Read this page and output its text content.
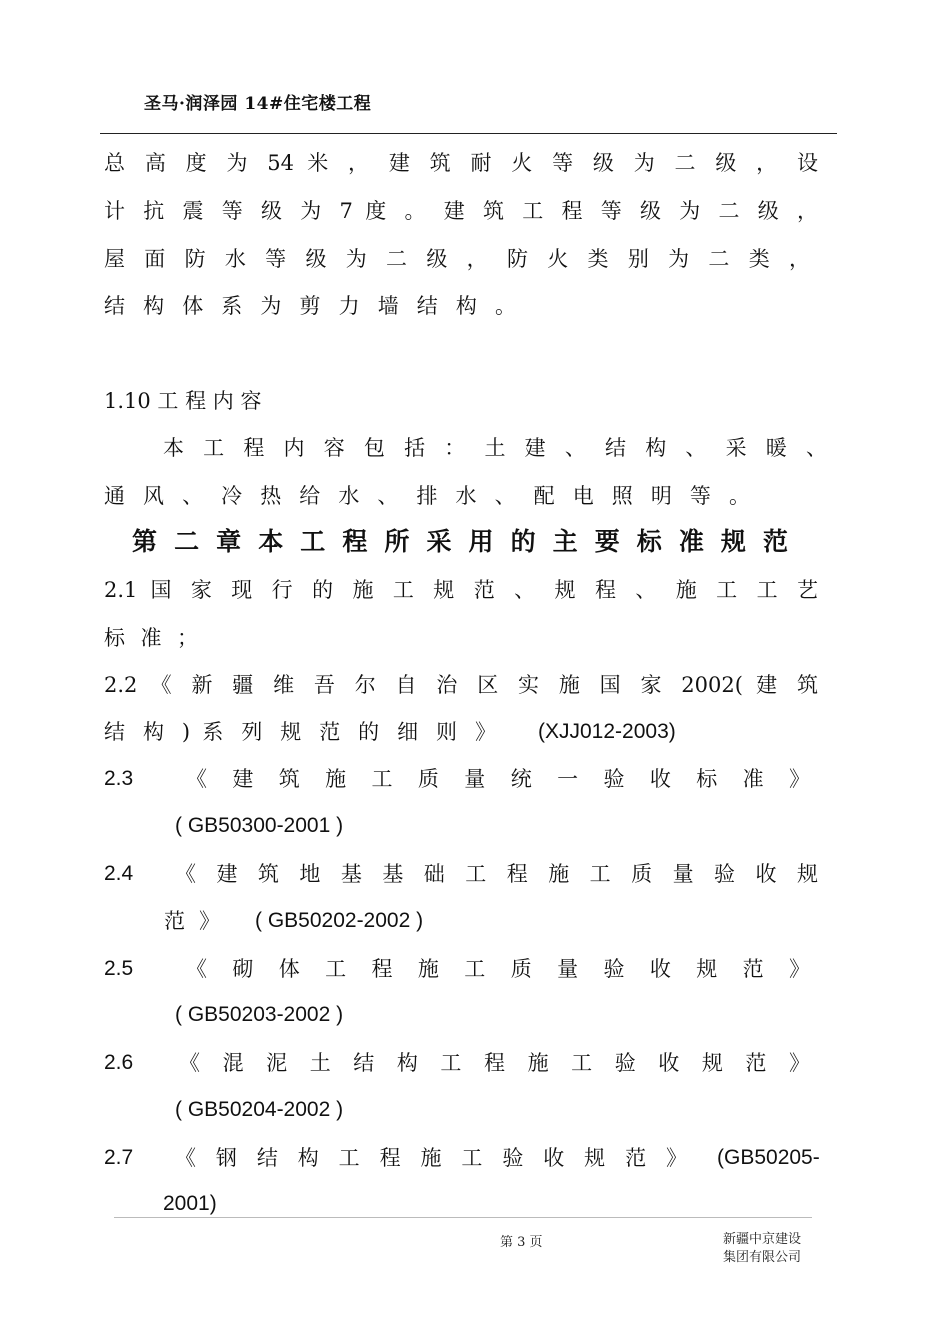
圣马·润泽园 14#住宅楼工程
总 高 度 为 54 米 ， 建 筑 耐 火 等 级 为 二 级 ， 设
计 抗 震 等 级 为 7 度 。 建 筑 工 程 等 级 为 二 级 ，
屋 面 防 水 等 级 为 二 级 ， 防 火 类 别 为 二 类 ，
结 构 体 系 为 剪 力 墙 结 构 。
1.10 工 程 内 容
本 工 程 内 容 包 括 ： 土 建 、 结 构 、 采 暖 、
通 风 、 冷 热 给 水 、 排 水 、 配 电 照 明 等 。
第 二 章 本 工 程 所 采 用 的 主 要 标 准 规 范
2.1 国 家 现 行 的 施 工 规 范 、 规 程 、 施 工 工 艺
标 准 ；
2.2 《 新 疆 维 吾 尔 自 治 区 实 施 国 家 2002( 建 筑
结 构 ) 系 列 规 范 的 细 则 》 (XJJ012-2003)
2.3	《 建 筑 施 工 质 量 统 一 验 收 标 准 》
( GB50300-2001 )
2.4 《 建 筑 地 基 基 础 工 程 施 工 质 量 验 收 规
范 》 ( GB50202-2002 )
2.5	《 砌 体 工 程 施 工 质 量 验 收 规 范 》
( GB50203-2002 )
2.6 《 混 泥 土 结 构 工 程 施 工 验 收 规 范 》
( GB50204-2002 )
2.7 《 钢 结 构 工 程 施 工 验 收 规 范 》 (GB50205-
2001)
第 3 页	新疆中京建设
集团有限公司
